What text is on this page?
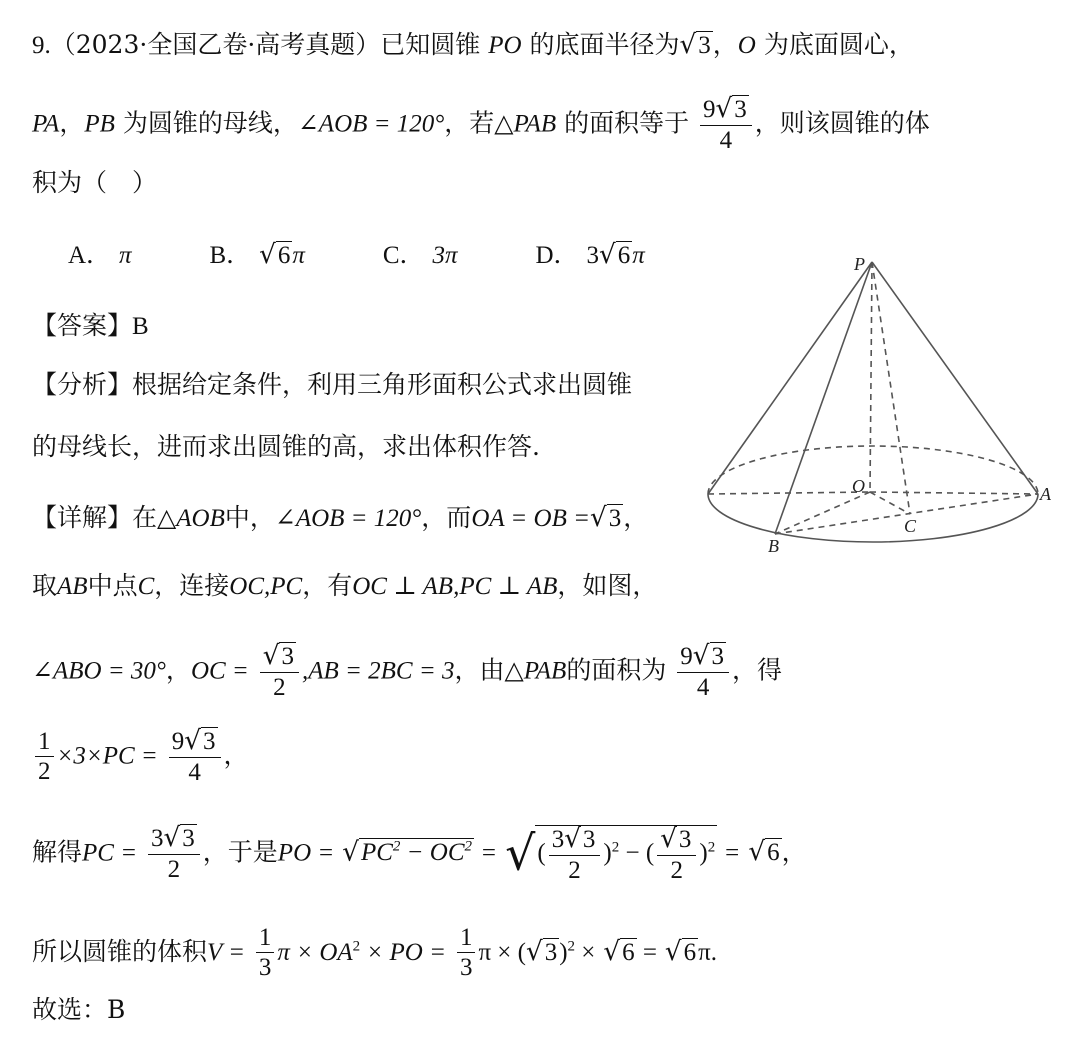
9.（2023·全国乙卷·高考真题）已知圆锥 PO 的底面半径为√3，O 为底面圆心，
PA，PB 为圆锥的母线，∠AOB = 120°，若△PAB 的面积等于 $\frac{9√3}{4}$ ，则该圆锥的体
积为（　）
A． π	B． √6π	C． 3π	D． 3√6π
【答案】B
【分析】根据给定条件，利用三角形面积公式求出圆锥
的母线长，进而求出圆锥的高，求出体积作答.
【详解】在△AOB中，∠AOB = 120°，而OA = OB =√3，
取AB中点C，连接OC,PC，有OC ⊥ AB,PC ⊥ AB，如图，
∠ABO = 30°，OC = $\frac{√3}{2} ,AB = 2BC = 3$，由△PAB的面积为 $\frac{9√3}{4}$ ，得
$\frac{1}{2} \times 3\times PC = \frac{9√3}{4}$ ，
解得PC = $\frac{3√3}{2}$ ，于是PO = $√PC^2 - OC^2$ = √( $\frac{3√3}{2} )^2$ − ( $\frac{√3}{2} )^2 = √6$，
所以圆锥的体积$V = \frac{1}{3}$ $\pi \times OA^2$ × PO = $\frac{1}{3}$ $\pi \times (√3)^2 \times √6 = √6\pi$.
故选：B
P
O	A
B
C
